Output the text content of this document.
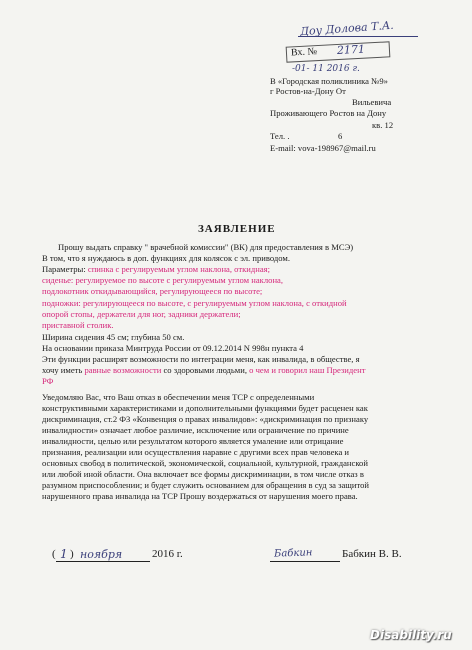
Доу Долова Т.А.
Вх. № 2171
-01- 11 2016 г.
В «Городская поликлиника №9»
г Ростов-на-Дону От
Вильевича
Проживающего Ростов на Дону
кв. 12
Тел. .	6
E-mail: vova-198967@mail.ru
ЗАЯВЛЕНИЕ
Прошу выдать справку " врачебной комиссии" (ВК) для предоставления в МСЭ)
В том, что я нуждаюсь в доп. функциях для колясок с эл. приводом.
Параметры: спинка с регулируемым углом наклона, откидная;
сиденье: регулируемое по высоте с регулируемым углом наклона,
подлокотник откидывающийся, регулирующееся по высоте;
подножки: регулирующееся по высоте, с регулируемым углом наклона, с откидной
опорой стопы, держатели для ног, задники держатели;
приставной столик.
Ширина сидения 45 см; глубина 50 см.
На основании приказа Минтруда России от 09.12.2014 N 998н пункта 4
Эти функции расширят возможности по интеграции меня, как инвалида, в обществе, я
хочу иметь равные возможности со здоровыми людьми, о чем и говорил наш Президент
РФ
Уведомляю Вас, что Ваш отказ в обеспечении меня ТСР с определенными
конструктивными характеристиками и дополнительными функциями будет расценен как
дискриминация, ст.2 ФЗ «Конвенция о правах инвалидов»: «дискриминация по признаку
инвалидности» означает любое различие, исключение или ограничение по причине
инвалидности, целью или результатом которого является умаление или отрицание
признания, реализации или осуществления наравне с другими всех прав человека и
основных свобод в политической, экономической, социальной, культурной, гражданской
или любой иной области. Она включает все формы дискриминации, в том числе отказ в
разумном приспособлении; и будет служить основанием для обращения в суд за защитой
нарушенного права инвалида на ТСР Прошу воздержаться от нарушения моего права.
( 1 ) ноября	2016 г.	Бабкин	Бабкин В. В.
Disability.ru
